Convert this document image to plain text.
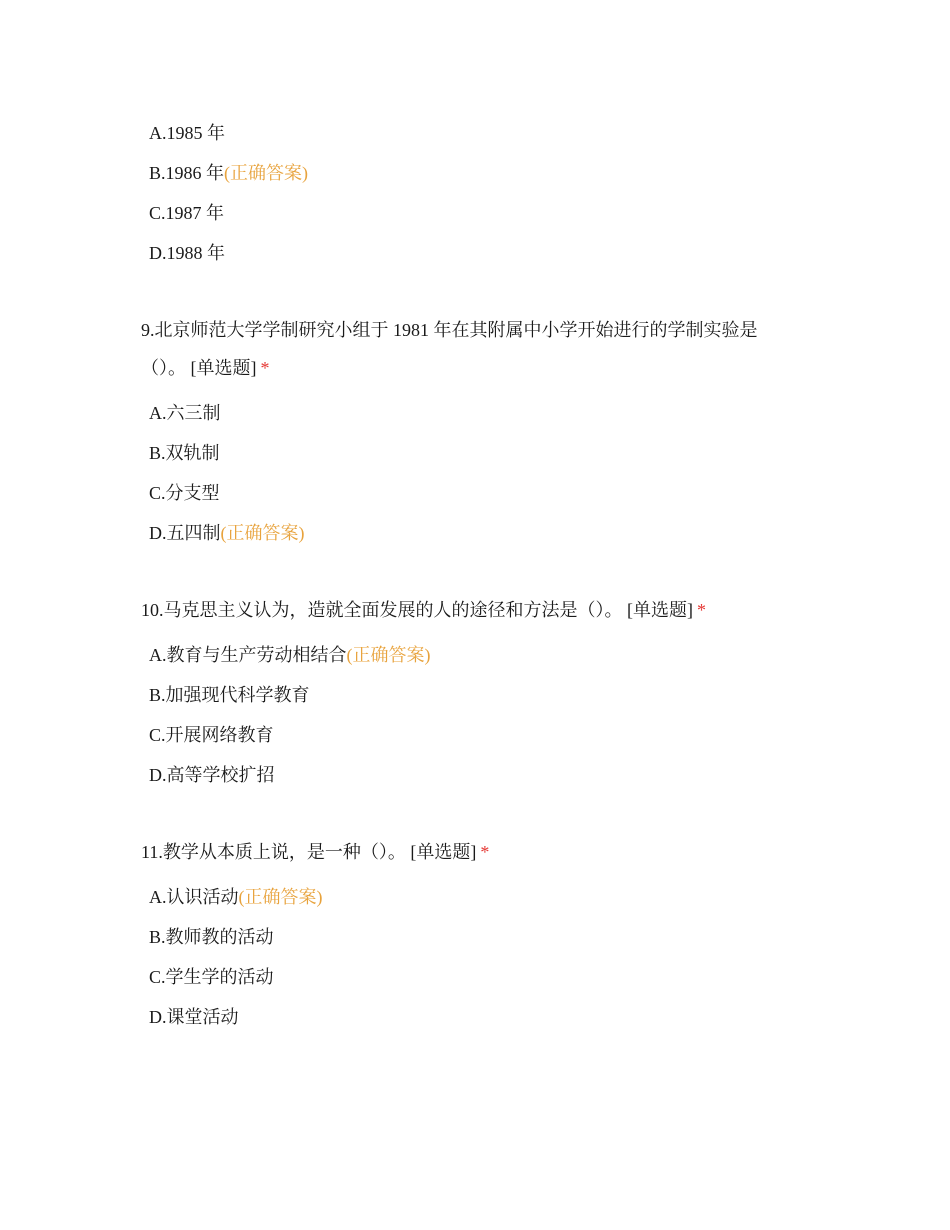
A.1985 年
B.1986 年(正确答案)
C.1987 年
D.1988 年
9.北京师范大学学制研究小组于 1981 年在其附属中小学开始进行的学制实验是（）。 [单选题] *
A.六三制
B.双轨制
C.分支型
D.五四制(正确答案)
10.马克思主义认为，造就全面发展的人的途径和方法是（）。 [单选题] *
A.教育与生产劳动相结合(正确答案)
B.加强现代科学教育
C.开展网络教育
D.高等学校扩招
11.教学从本质上说，是一种（）。 [单选题] *
A.认识活动(正确答案)
B.教师教的活动
C.学生学的活动
D.课堂活动
